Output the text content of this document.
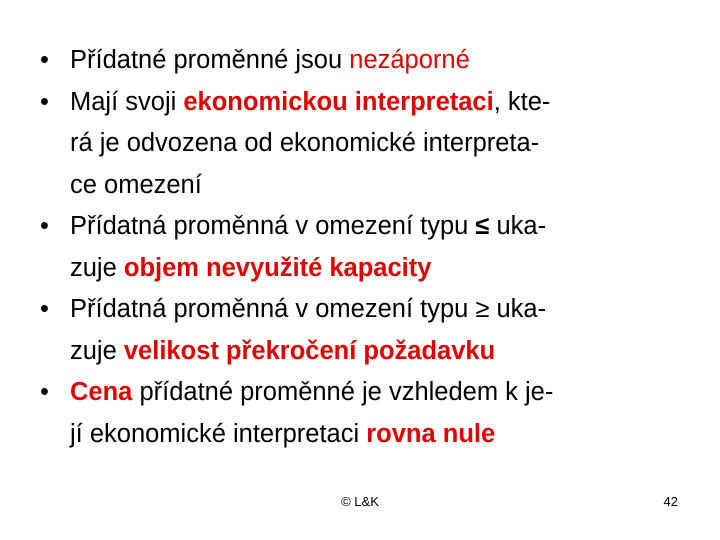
• Přídatné proměnné jsou nezáporné
• Mají svoji ekonomickou interpretaci, kte-
rá je odvozena od ekonomické interpreta-
ce omezení
• Přídatná proměnná v omezení typu ≤ uka-
zuje objem nevyužité kapacity
• Přídatná proměnná v omezení typu ≥ uka-
zuje velikost překročení požadavku
• Cena přídatné proměnné je vzhledem k je-
jí ekonomické interpretaci rovna nule
© L&K	42
